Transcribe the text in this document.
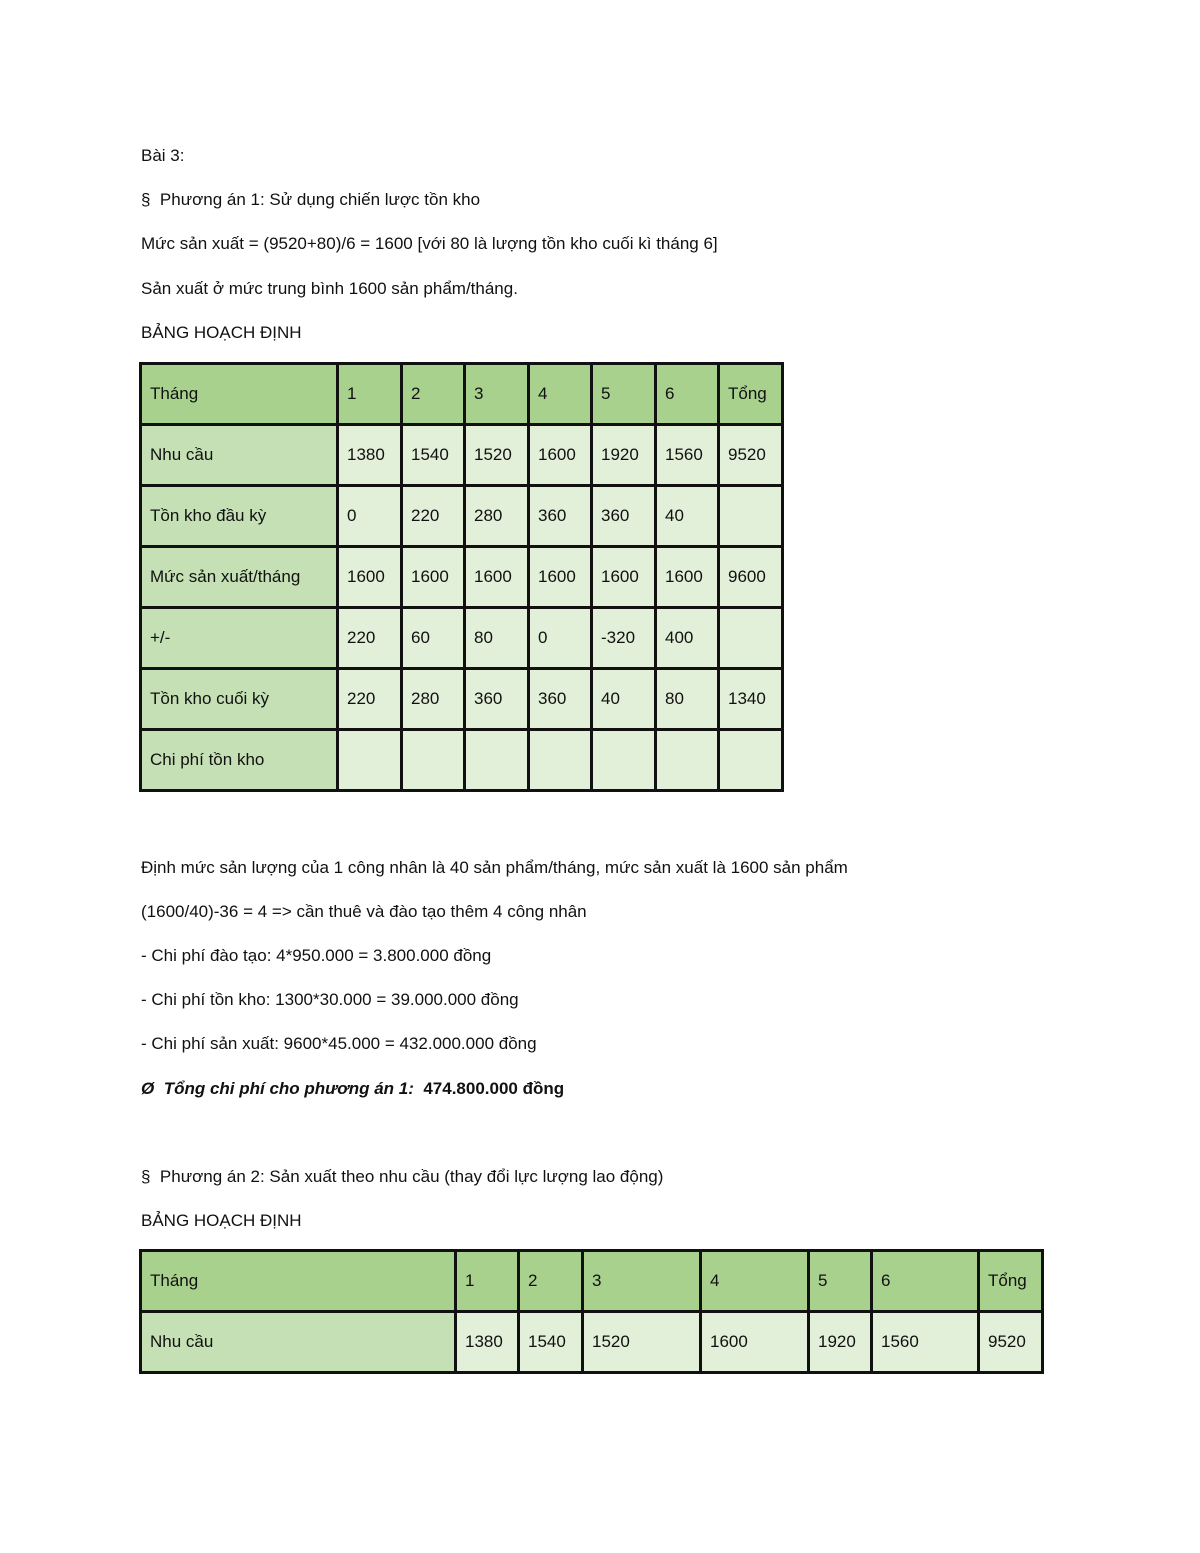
Bài 3:
§ Phương án 1: Sử dụng chiến lược tồn kho
Mức sản xuất = (9520+80)/6 = 1600 [với 80 là lượng tồn kho cuối kì tháng 6]
Sản xuất ở mức trung bình 1600 sản phẩm/tháng.
BẢNG HOẠCH ĐỊNH
Tháng	1	2	3	4	5	6	Tổng
Nhu cầu	1380	1540	1520	1600	1920	1560	9520
Tồn kho đầu kỳ	0	220	280	360	360	40	
Mức sản xuất/tháng	1600	1600	1600	1600	1600	1600	9600
+/-	220	60	80	0	-320	400	
Tồn kho cuối kỳ	220	280	360	360	40	80	1340
Chi phí tồn kho							
Định mức sản lượng của 1 công nhân là 40 sản phẩm/tháng, mức sản xuất là 1600 sản phẩm
(1600/40)-36 = 4 => cần thuê và đào tạo thêm 4 công nhân
- Chi phí đào tạo: 4*950.000 = 3.800.000 đồng
- Chi phí tồn kho: 1300*30.000 = 39.000.000 đồng
- Chi phí sản xuất: 9600*45.000 = 432.000.000 đồng
Ø Tổng chi phí cho phương án 1: 474.800.000 đồng
§ Phương án 2: Sản xuất theo nhu cầu (thay đổi lực lượng lao động)
BẢNG HOẠCH ĐỊNH
Tháng	1	2	3	4	5	6	Tổng
Nhu cầu	1380	1540	1520	1600	1920	1560	9520
